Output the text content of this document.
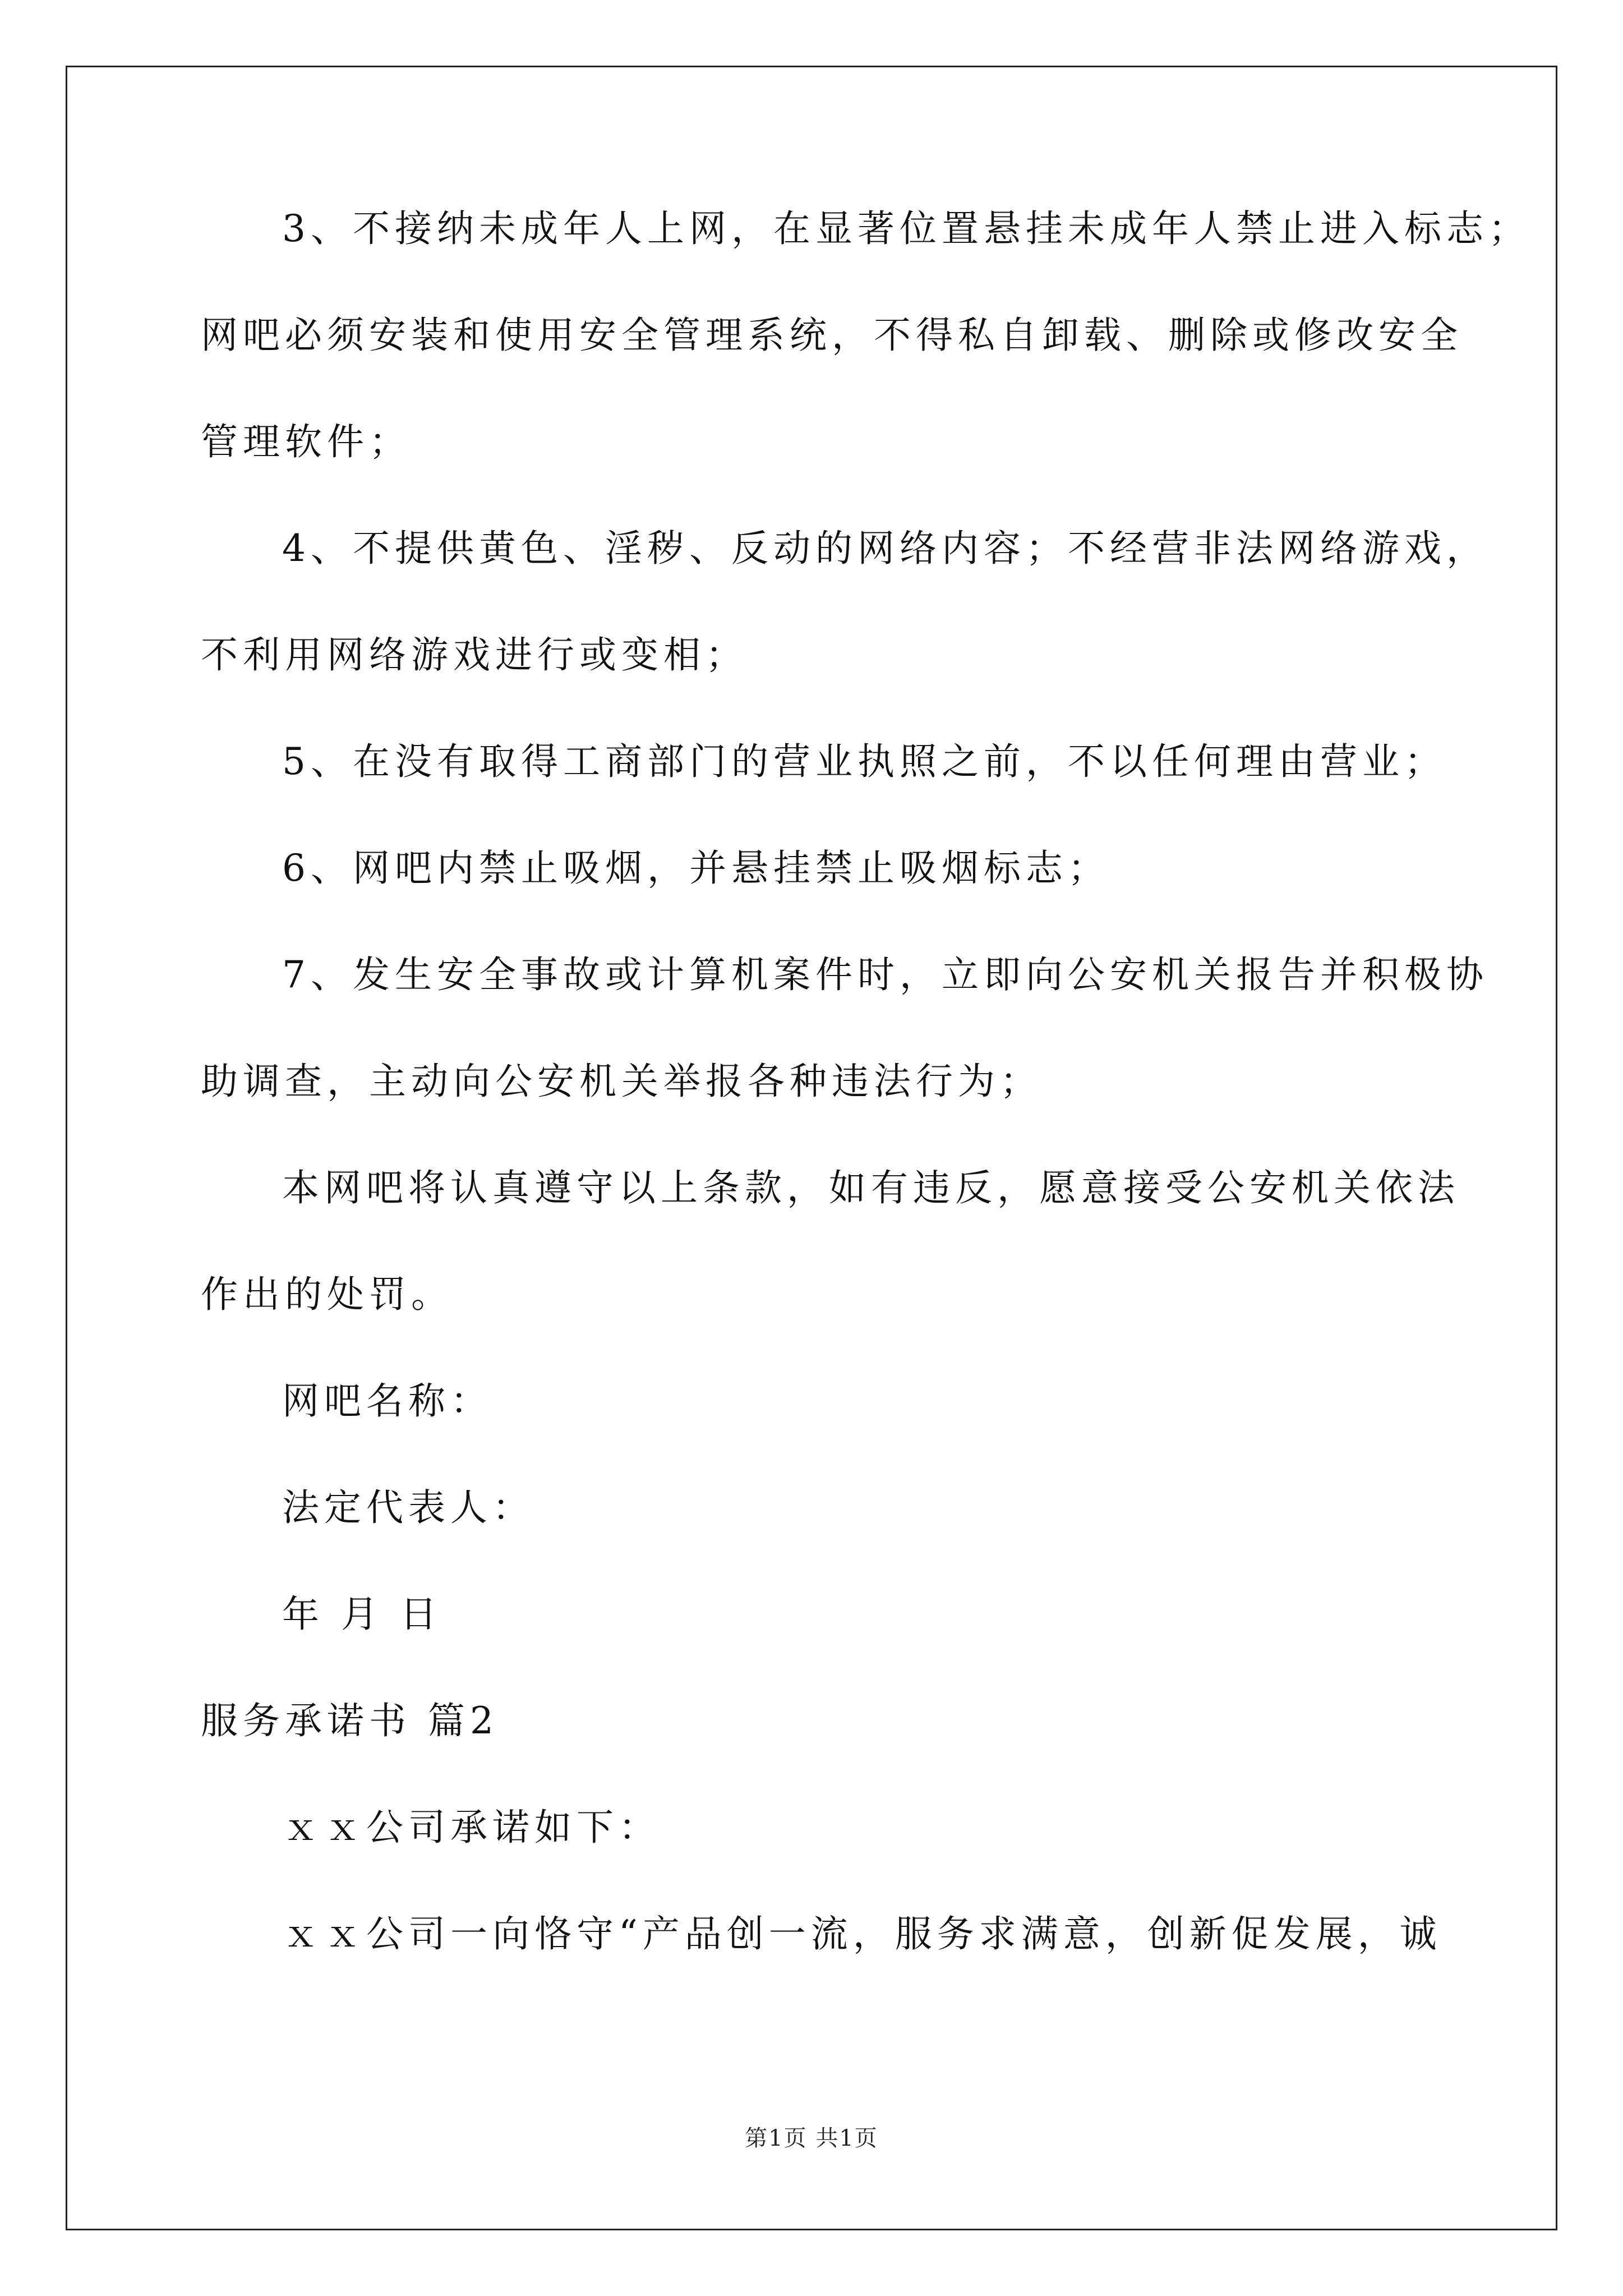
3、不接纳未成年人上网，在显著位置悬挂未成年人禁止进入标志；
网吧必须安装和使用安全管理系统，不得私自卸载、删除或修改安全
管理软件；
4、不提供黄色、淫秽、反动的网络内容；不经营非法网络游戏，
不利用网络游戏进行或变相；
5、在没有取得工商部门的营业执照之前，不以任何理由营业；
6、网吧内禁止吸烟，并悬挂禁止吸烟标志；
7、发生安全事故或计算机案件时，立即向公安机关报告并积极协
助调查，主动向公安机关举报各种违法行为；
本网吧将认真遵守以上条款，如有违反，愿意接受公安机关依法
作出的处罚。
网吧名称：
法定代表人：
年 月 日
服务承诺书 篇2
ｘｘ公司承诺如下：
ｘｘ公司一向恪守“产品创一流，服务求满意，创新促发展，诚
第1页 共1页
